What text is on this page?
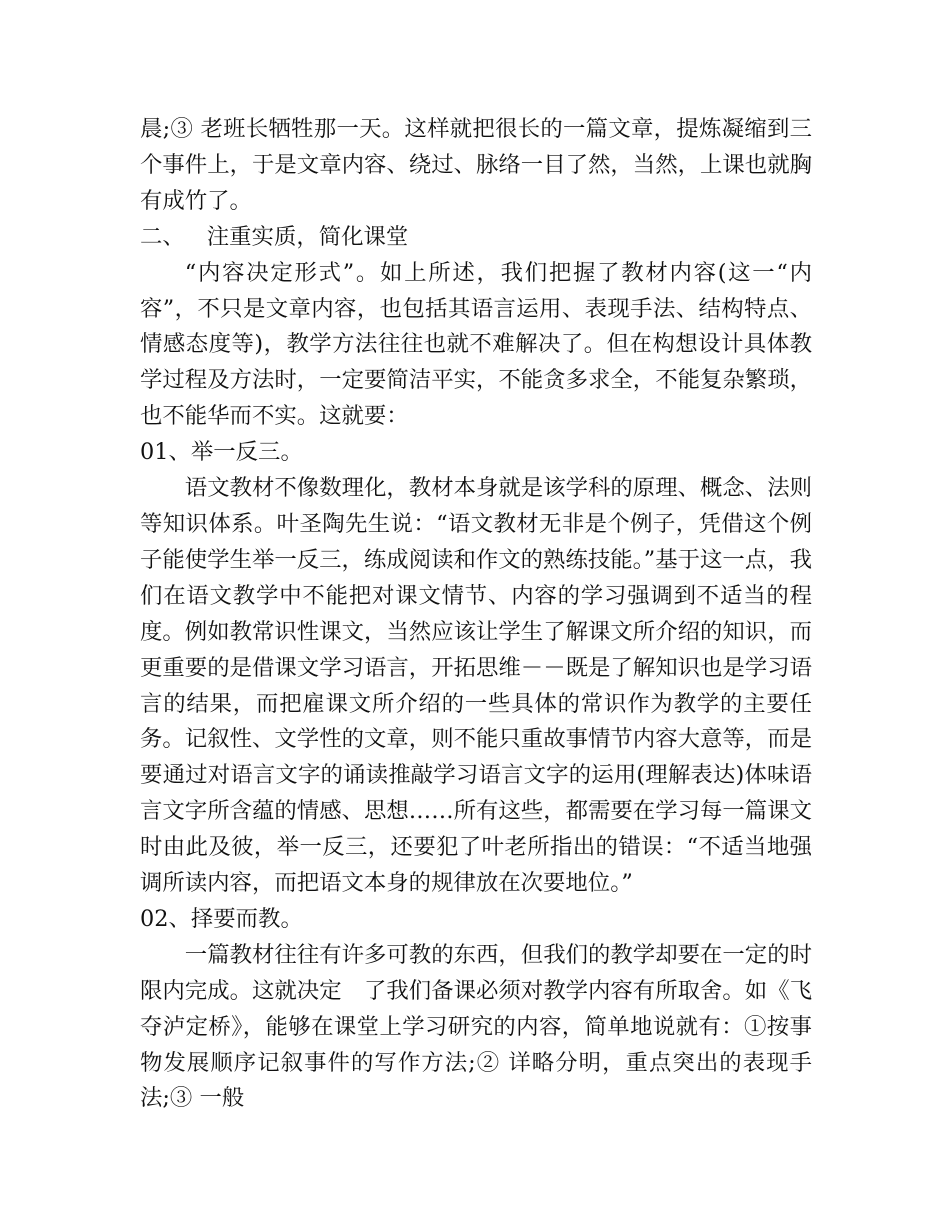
晨;③ 老班长牺牲那一天。这样就把很长的一篇文章，提炼凝缩到三个事件上，于是文章内容、绕过、脉络一目了然，当然，上课也就胸有成竹了。

二、 注重实质，简化课堂

“内容决定形式”。如上所述，我们把握了教材内容(这一“内容”，不只是文章内容，也包括其语言运用、表现手法、结构特点、情感态度等)，教学方法往往也就不难解决了。但在构想设计具体教学过程及方法时，一定要简洁平实，不能贪多求全，不能复杂繁琐，也不能华而不实。这就要：

01、举一反三。

语文教材不像数理化，教材本身就是该学科的原理、概念、法则等知识体系。叶圣陶先生说：“语文教材无非是个例子，凭借这个例子能使学生举一反三，练成阅读和作文的熟练技能。”基于这一点，我们在语文教学中不能把对课文情节、内容的学习强调到不适当的程度。例如教常识性课文，当然应该让学生了解课文所介绍的知识，而更重要的是借课文学习语言，开拓思维－－既是了解知识也是学习语言的结果，而把雇课文所介绍的一些具体的常识作为教学的主要任务。记叙性、文学性的文章，则不能只重故事情节内容大意等，而是要通过对语言文字的诵读推敲学习语言文字的运用(理解表达)体味语言文字所含蕴的情感、思想……所有这些，都需要在学习每一篇课文时由此及彼，举一反三，还要犯了叶老所指出的错误：“不适当地强调所读内容，而把语文本身的规律放在次要地位。”

02、择要而教。

一篇教材往往有许多可教的东西，但我们的教学却要在一定的时限内完成。这就决定　了我们备课必须对教学内容有所取舍。如《飞夺泸定桥》，能够在课堂上学习研究的内容，简单地说就有：①按事物发展顺序记叙事件的写作方法;② 详略分明，重点突出的表现手法;③ 一般
